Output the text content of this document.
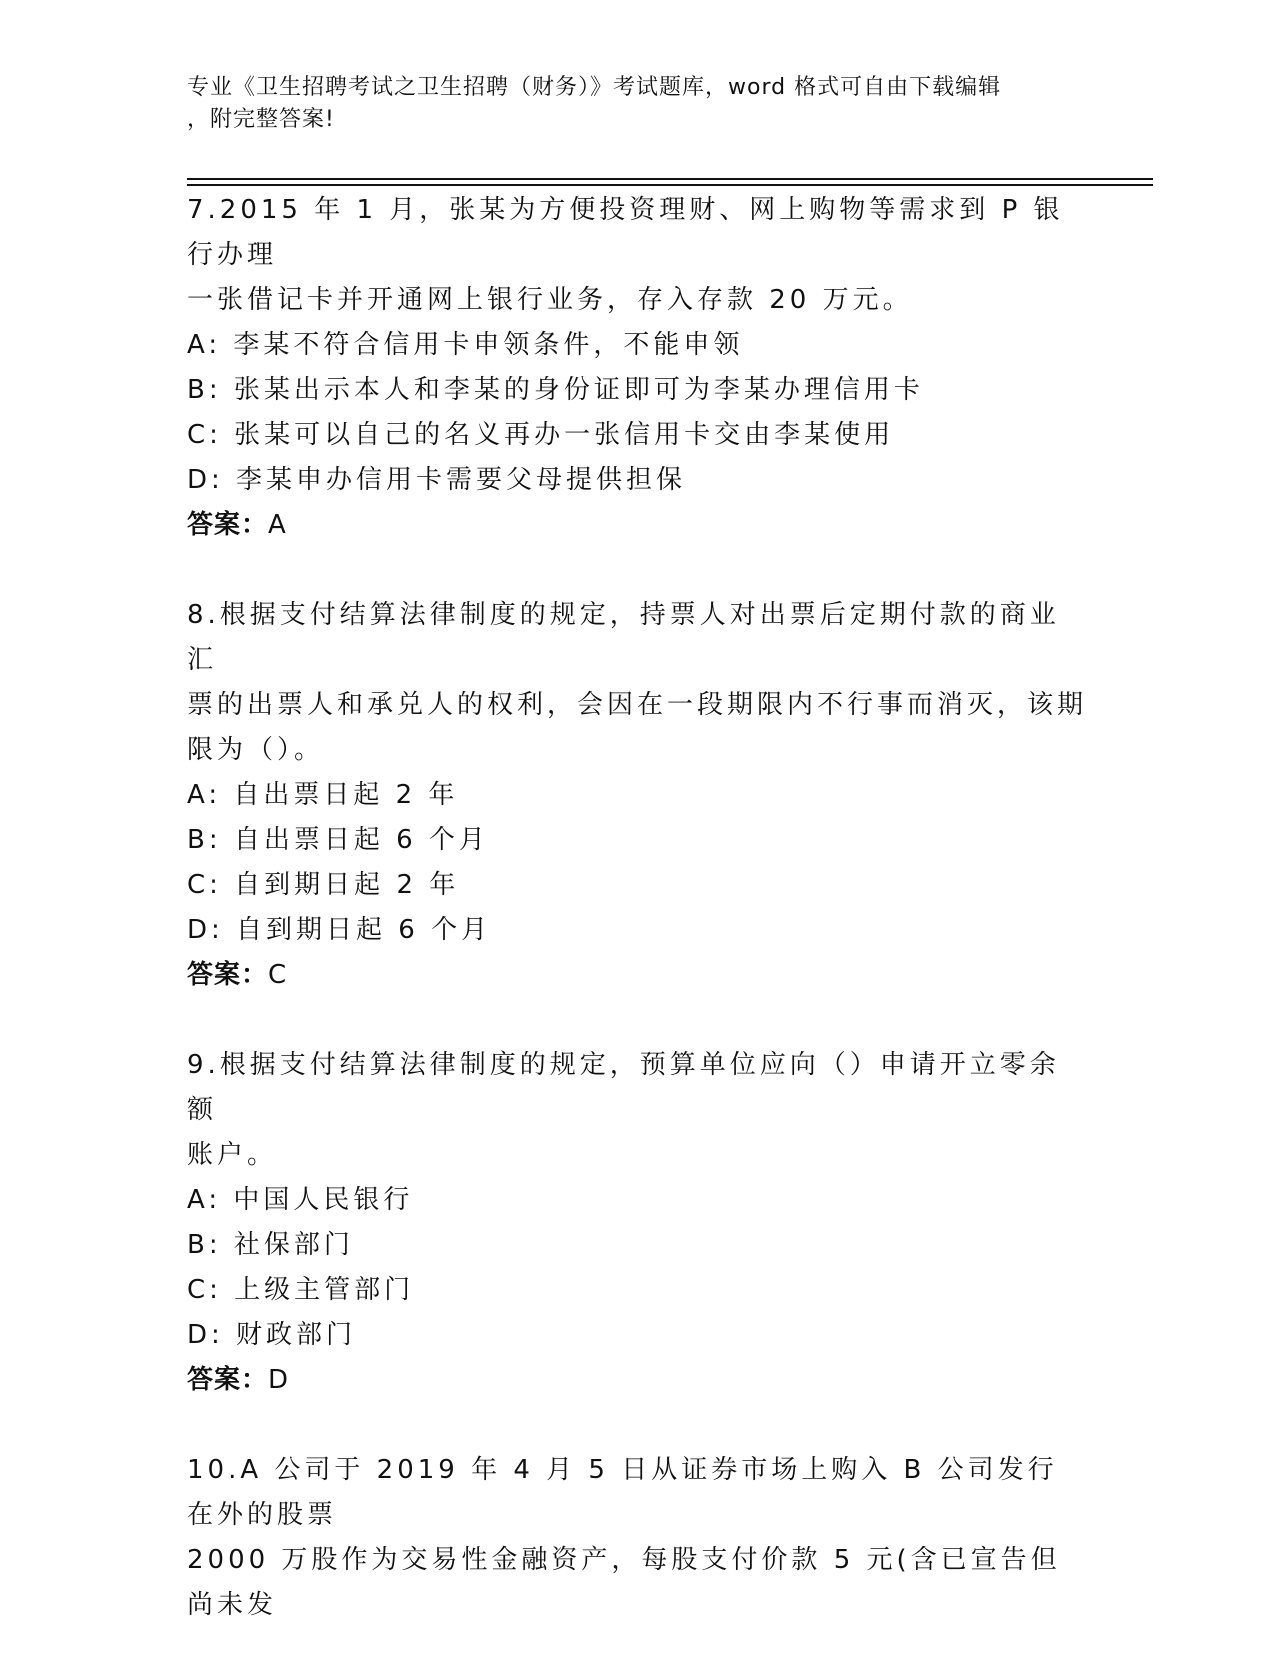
专业《卫生招聘考试之卫生招聘（财务）》考试题库，word 格式可自由下载编辑
，附完整答案!
7.2015 年 1 月，张某为方便投资理财、网上购物等需求到 P 银行办理
一张借记卡并开通网上银行业务，存入存款 20 万元。
A: 李某不符合信用卡申领条件，不能申领
B: 张某出示本人和李某的身份证即可为李某办理信用卡
C: 张某可以自己的名义再办一张信用卡交由李某使用
D: 李某申办信用卡需要父母提供担保
答案：A
8.根据支付结算法律制度的规定，持票人对出票后定期付款的商业汇
票的出票人和承兑人的权利，会因在一段期限内不行事而消灭，该期
限为（）。
A: 自出票日起 2 年
B: 自出票日起 6 个月
C: 自到期日起 2 年
D: 自到期日起 6 个月
答案：C
9.根据支付结算法律制度的规定，预算单位应向（）申请开立零余额
账户。
A: 中国人民银行
B: 社保部门
C: 上级主管部门
D: 财政部门
答案：D
10.A 公司于 2019 年 4 月 5 日从证券市场上购入 B 公司发行在外的股票
2000 万股作为交易性金融资产，每股支付价款 5 元(含已宣告但尚未发
